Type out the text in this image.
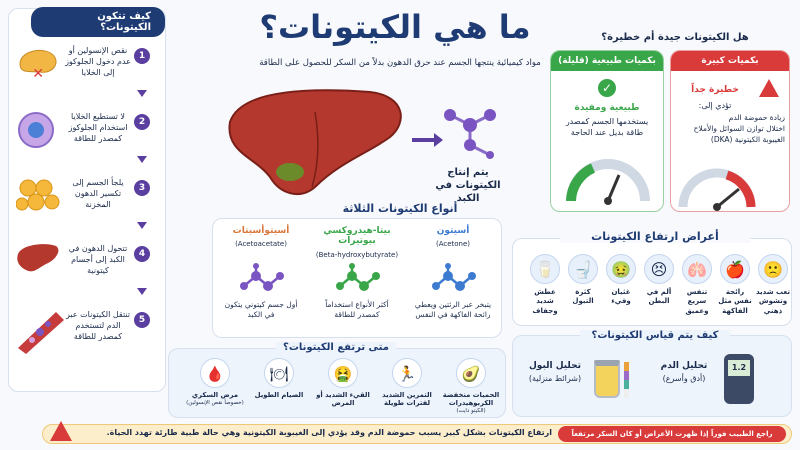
ما هي الكيتونات؟
مواد كيميائية ينتجها الجسم عند حرق الدهون بدلاً من السكر للحصول على الطاقة
يتم إنتاج الكيتونات في الكبد
كيف تتكون الكيتونات؟
1
نقص الإنسولين أو عدم دخول الجلوكوز إلى الخلايا
✕
2
لا تستطيع الخلايا استخدام الجلوكوز كمصدر للطاقة
3
يلجأ الجسم إلى تكسير الدهون المخزنة
4
تتحول الدهون في الكبد إلى أجسام كيتونية
5
تنتقل الكيتونات عبر الدم لتستخدم كمصدر للطاقة
هل الكيتونات جيدة أم خطيرة؟
بكميات طبيعية (قليلة)
✓
طبيعية ومفيدة
يستخدمها الجسم كمصدر طاقة بديل عند الحاجة
بكميات كبيرة
خطيرة جداً
تؤدي إلى:
زيادة حموضة الدم
اختلال توازن السوائل والأملاح
الغيبوبة الكيتونية (DKA)
أنواع الكيتونات الثلاثة
أسيتون
(Acetone)
يتبخر عبر الرئتين ويعطي رائحة الفاكهة في النفس
بيتا-هيدروكسي بيوتيرات
(Beta-hydroxybutyrate)
أكثر الأنواع استخداماً كمصدر للطاقة
أسيتوأسيتات
(Acetoacetate)
أول جسم كيتوني يتكون في الكبد
أعراض ارتفاع الكيتونات
🙁
تعب شديد وتشوش ذهني
🍎
رائحة نفس مثل الفاكهة
🫁
تنفس سريع وعميق
😣
ألم في البطن
🤢
غثيان وقيء
🚽
كثرة التبول
🥛
عطش شديد وجفاف
كيف يتم قياس الكيتونات؟
1.2
تحليل الدم
(أدق وأسرع)
تحليل البول
(شرائط منزلية)
متى ترتفع الكيتونات؟
🥑
الحميات منخفضة الكربوهيدرات
(الكيتو دايت)
🏃
التمرين الشديد لفترات طويلة
🤮
القيء الشديد أو المرض
🍽
الصيام الطويل
🩸
مرض السكري
(خصوصاً نقص الإنسولين)
ارتفاع الكيتونات بشكل كبير يسبب حموضة الدم وقد يؤدي إلى الغيبوبة الكيتونية وهي حالة طبية طارئة تهدد الحياة.	راجع الطبيب فوراً إذا ظهرت الأعراض أو كان السكر مرتفعاً
